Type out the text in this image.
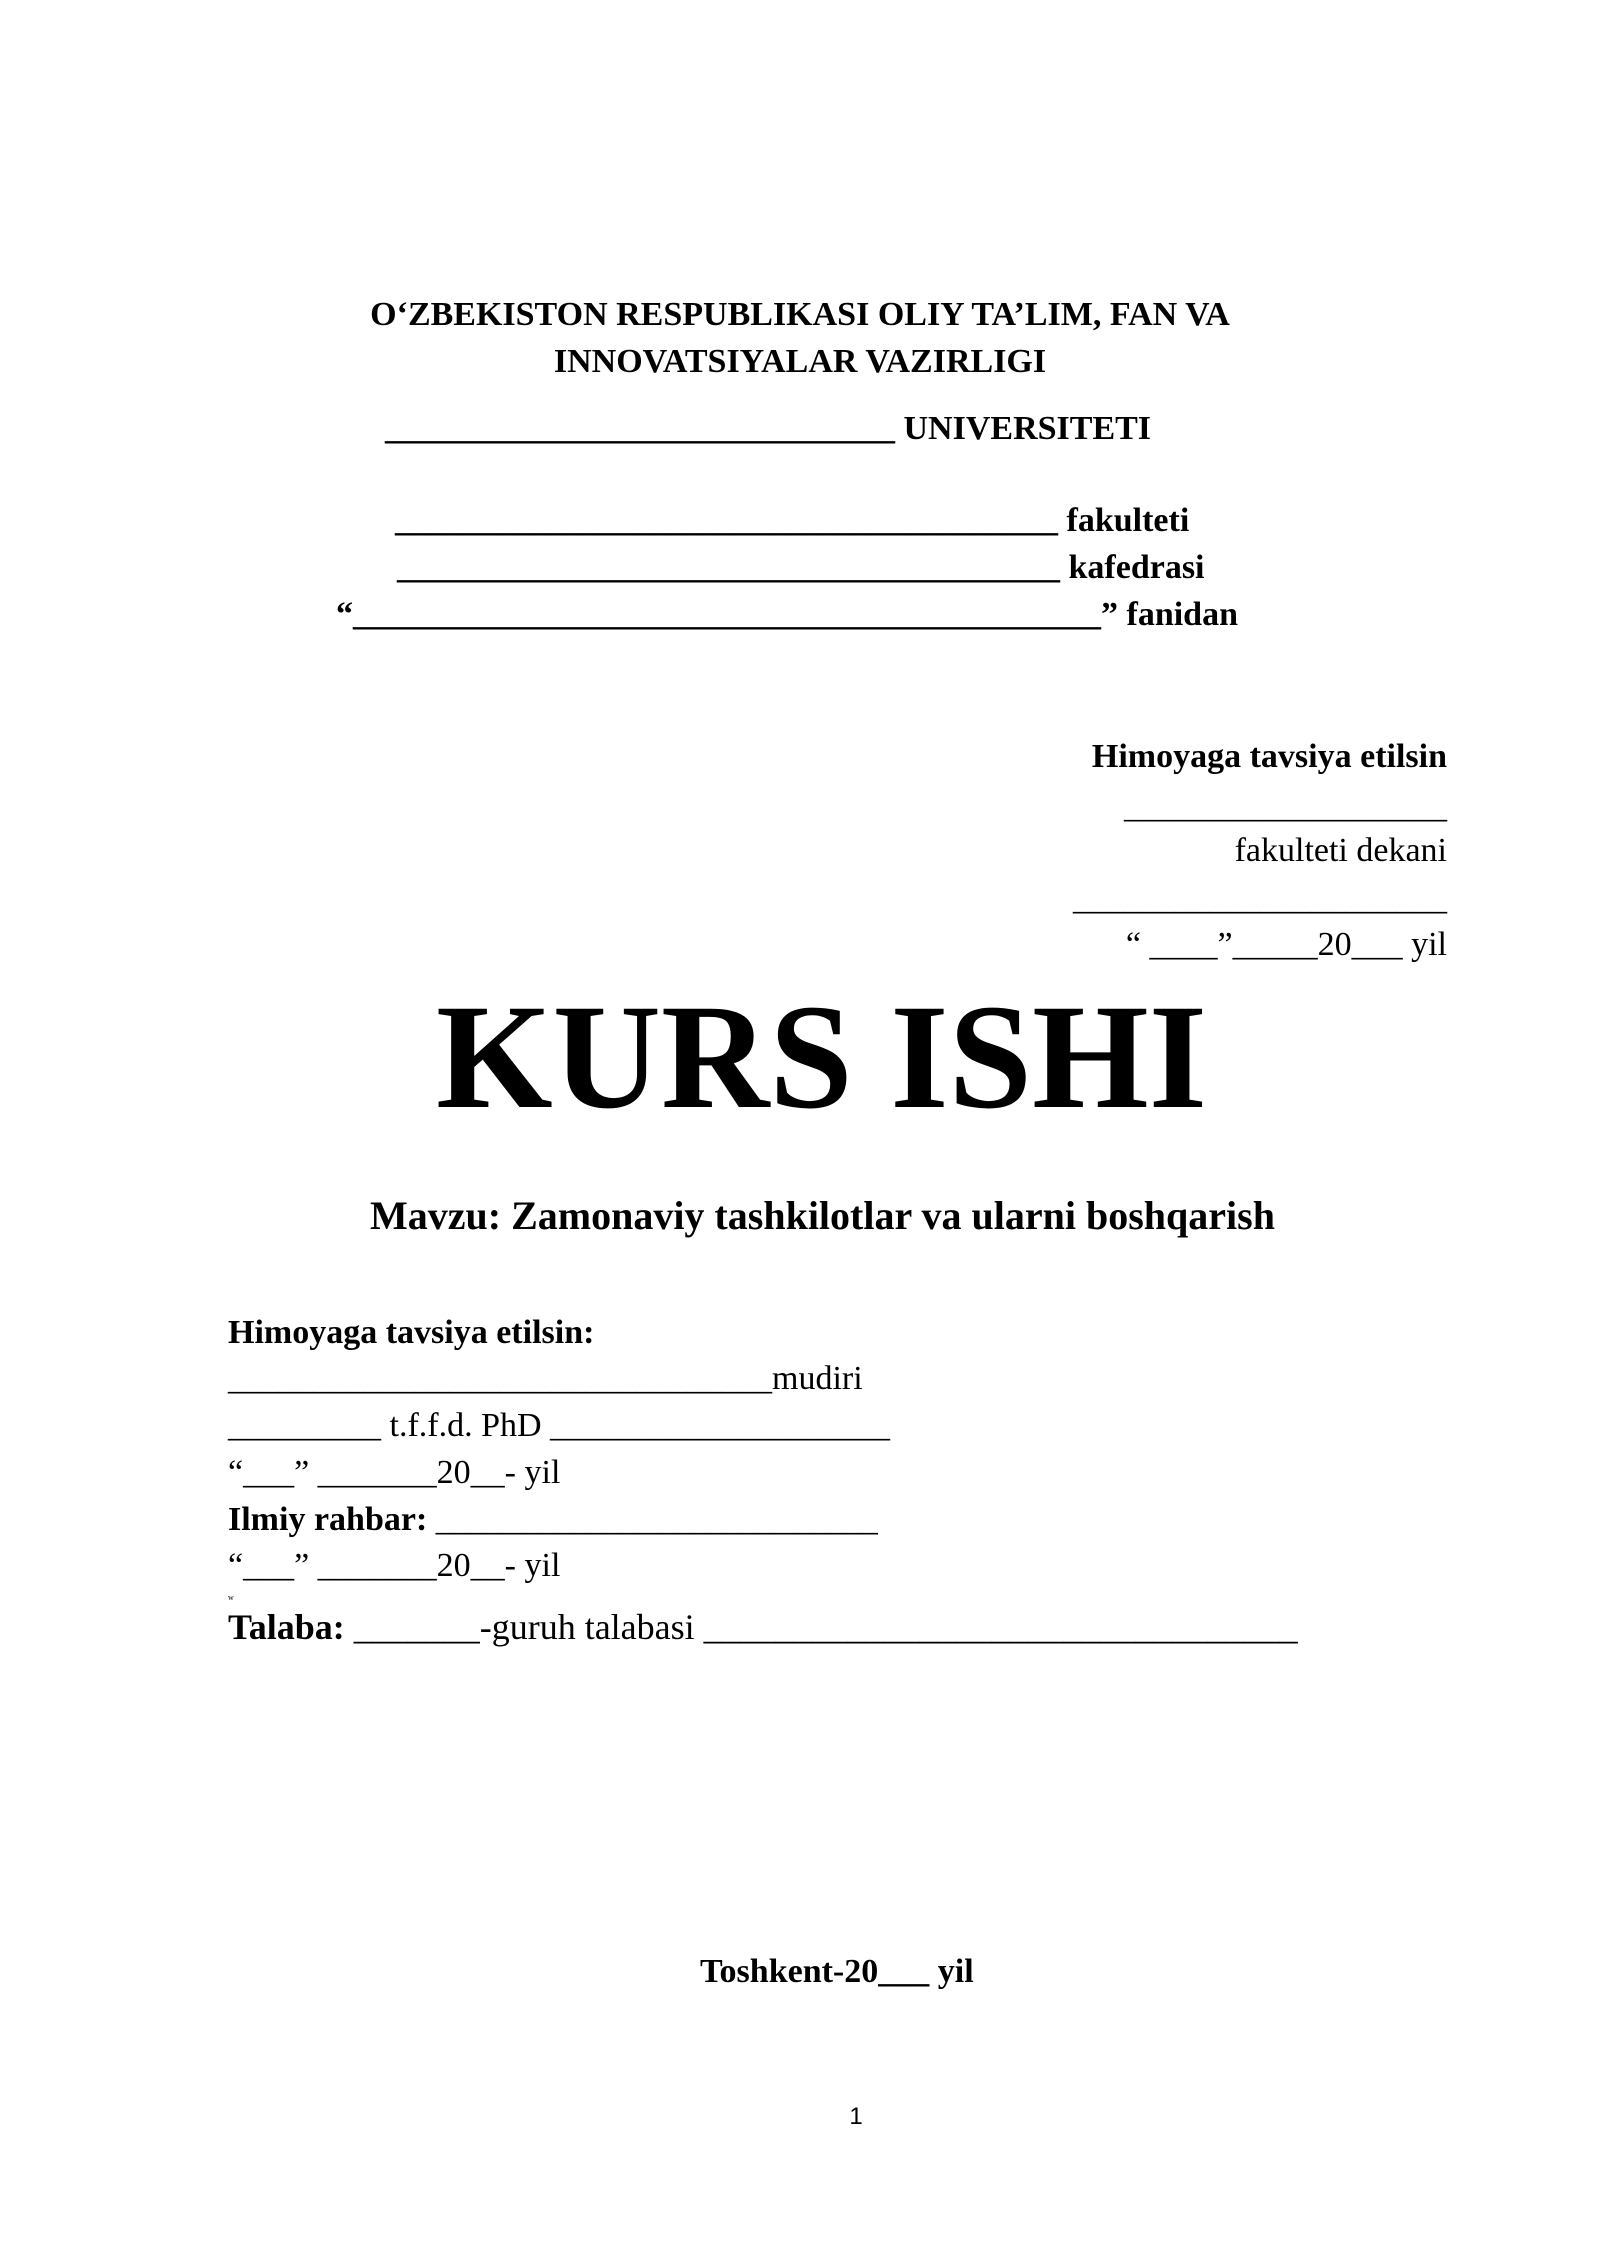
O‘ZBEKISTON RESPUBLIKASI OLIY TA’LIM, FAN VA
INNOVATSIYALAR VAZIRLIGI
______________________________ UNIVERSITETI
_______________________________________ fakulteti
_______________________________________ kafedrasi
“____________________________________________” fanidan
Himoyaga tavsiya etilsin
___________________
fakulteti dekani
______________________
“ ____”_____20___ yil
KURS ISHI
Mavzu: Zamonaviy tashkilotlar va ularni boshqarish
Himoyaga tavsiya etilsin:
________________________________mudiri
_________ t.f.f.d. PhD ____________________
“___” _______20__- yil
Ilmiy rahbar: __________________________
“___” _______20__- yil
w
Talaba: _______-guruh talabasi _________________________________
Toshkent-20___ yil
1
